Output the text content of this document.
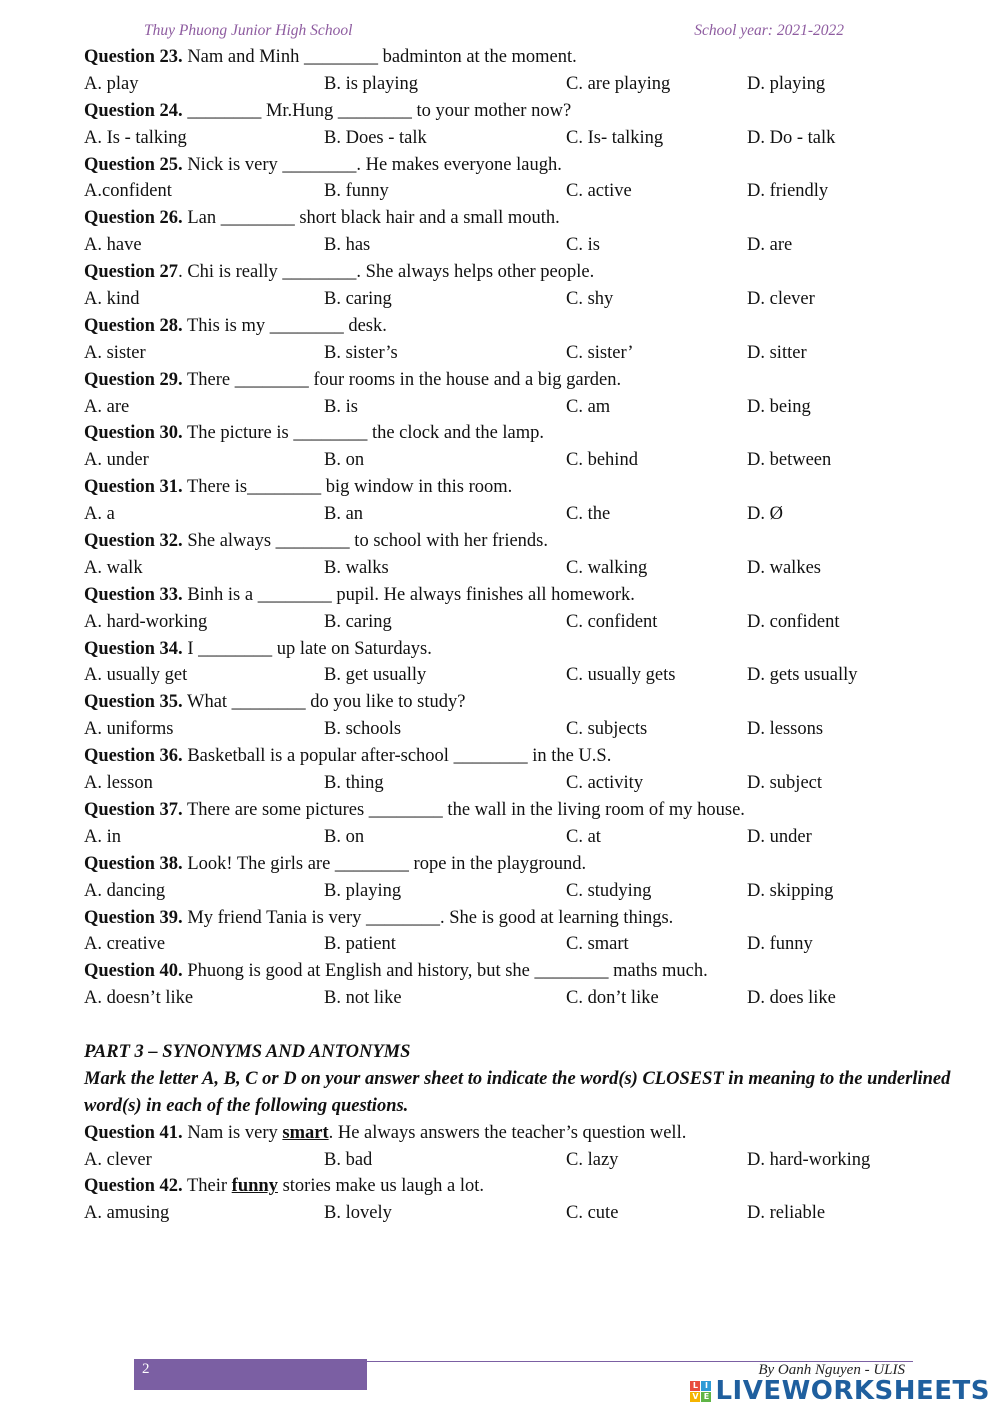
Thuy Phuong Junior High School	School year: 2021-2022
Question 23. Nam and Minh ________ badminton at the moment.
A. play	B. is playing	C. are playing	D. playing
Question 24. ________ Mr.Hung ________ to your mother now?
A. Is - talking	B. Does - talk	C. Is- talking	D. Do - talk
Question 25. Nick is very ________. He makes everyone laugh.
A.confident	B. funny	C. active	D. friendly
Question 26. Lan ________ short black hair and a small mouth.
A. have	B. has	C. is	D. are
Question 27. Chi is really ________. She always helps other people.
A. kind	B. caring	C. shy	D. clever
Question 28. This is my ________ desk.
A. sister	B. sister’s	C. sister’	D. sitter
Question 29. There ________ four rooms in the house and a big garden.
A. are	B. is	C. am	D. being
Question 30. The picture is ________ the clock and the lamp.
A. under	B. on	C. behind	D. between
Question 31. There is________ big window in this room.
A. a	B. an	C. the	D. Ø
Question 32. She always ________ to school with her friends.
A. walk	B. walks	C. walking	D. walkes
Question 33. Binh is a ________ pupil. He always finishes all homework.
A. hard-working	B. caring	C. confident	D. confident
Question 34. I ________ up late on Saturdays.
A. usually get	B. get usually	C. usually gets	D. gets usually
Question 35. What ________ do you like to study?
A. uniforms	B. schools	C. subjects	D. lessons
Question 36. Basketball is a popular after-school ________ in the U.S.
A. lesson	B. thing	C. activity	D. subject
Question 37. There are some pictures ________ the wall in the living room of my house.
A. in	B. on	C. at	D. under
Question 38. Look! The girls are ________ rope in the playground.
A. dancing	B. playing	C. studying	D. skipping
Question 39. My friend Tania is very ________. She is good at learning things.
A. creative	B. patient	C. smart	D. funny
Question 40. Phuong is good at English and history, but she ________ maths much.
A. doesn’t like	B. not like	C. don’t like	D. does like
PART 3 – SYNONYMS AND ANTONYMS
Mark the letter A, B, C or D on your answer sheet to indicate the word(s) CLOSEST in meaning to the underlined word(s) in each of the following questions.
Question 41. Nam is very smart. He always answers the teacher’s question well.
A. clever	B. bad	C. lazy	D. hard-working
Question 42. Their funny stories make us laugh a lot.
A. amusing	B. lovely	C. cute	D. reliable
2	By Oanh Nguyen - ULIS
L I
V E LIVEWORKSHEETS
